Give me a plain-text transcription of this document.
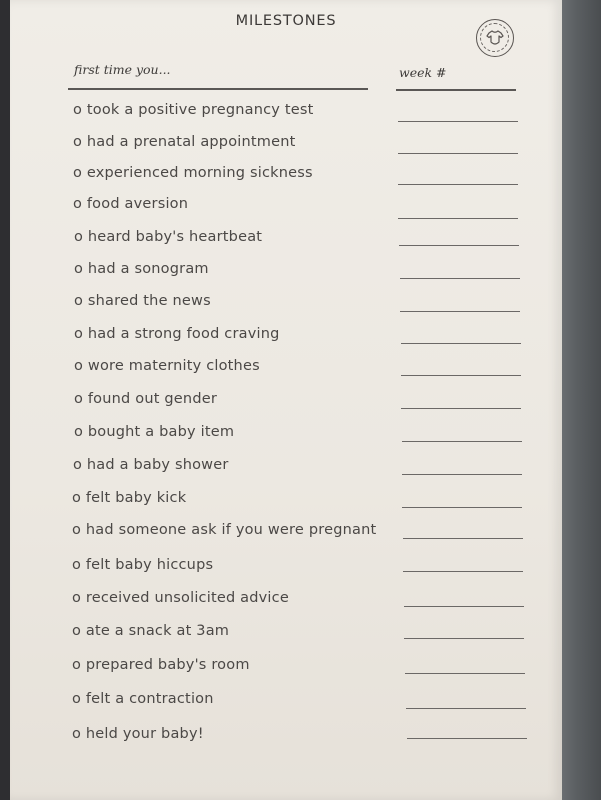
MILESTONES
first time you...	week #
o took a positive pregnancy test
o had a prenatal appointment
o experienced morning sickness
o food aversion
o heard baby's heartbeat
o had a sonogram
o shared the news
o had a strong food craving
o wore maternity clothes
o found out gender
o bought a baby item
o had a baby shower
o felt baby kick
o had someone ask if you were pregnant
o felt baby hiccups
o received unsolicited advice
o ate a snack at 3am
o prepared baby's room
o felt a contraction
o held your baby!
